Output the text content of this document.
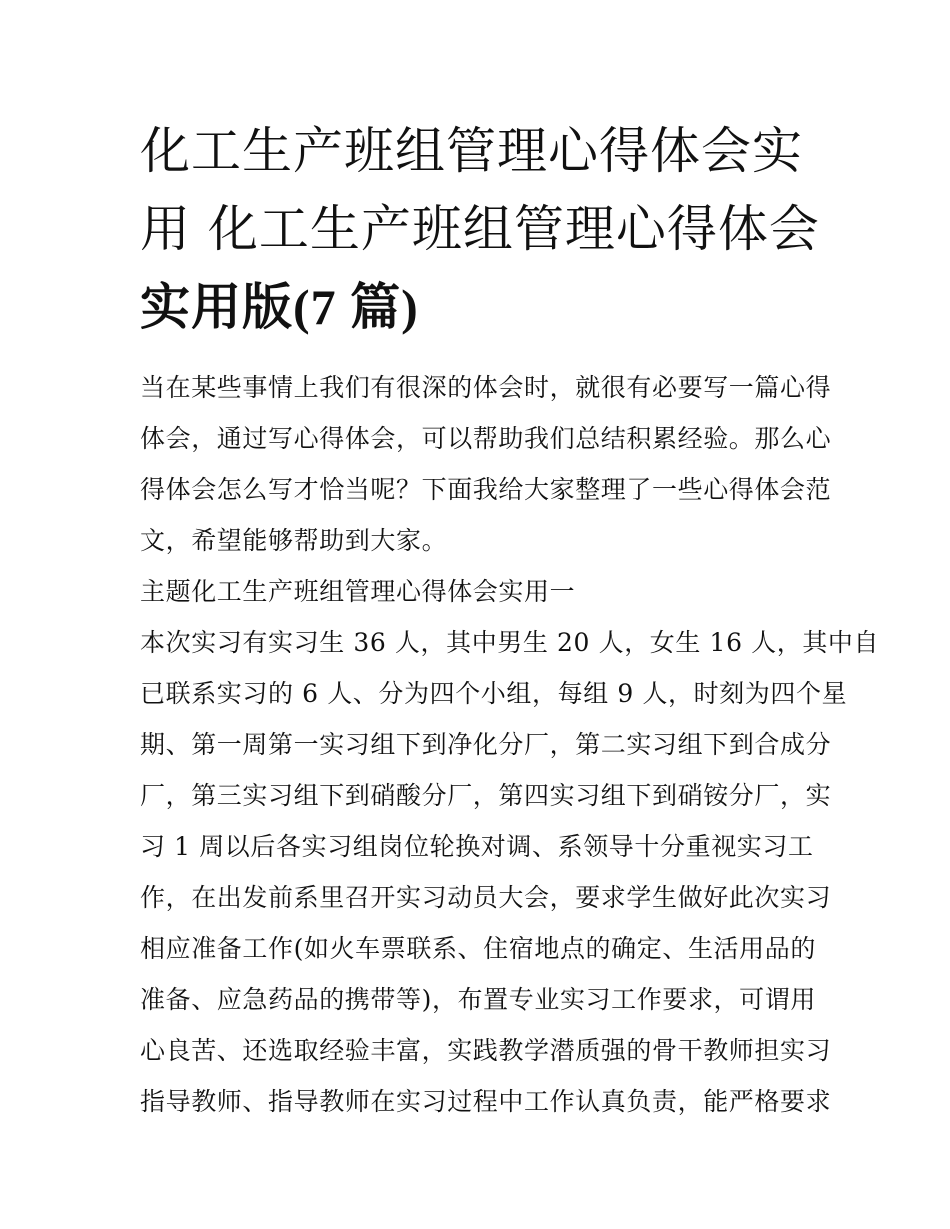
化工生产班组管理心得体会实
用 化工生产班组管理心得体会
实用版(7 篇)
当在某些事情上我们有很深的体会时，就很有必要写一篇心得
体会，通过写心得体会，可以帮助我们总结积累经验。那么心
得体会怎么写才恰当呢？下面我给大家整理了一些心得体会范
文，希望能够帮助到大家。
主题化工生产班组管理心得体会实用一
本次实习有实习生 36 人，其中男生 20 人，女生 16 人，其中自
已联系实习的 6 人、分为四个小组，每组 9 人，时刻为四个星
期、第一周第一实习组下到净化分厂，第二实习组下到合成分
厂，第三实习组下到硝酸分厂，第四实习组下到硝铵分厂，实
习 1 周以后各实习组岗位轮换对调、系领导十分重视实习工
作，在出发前系里召开实习动员大会，要求学生做好此次实习
相应准备工作(如火车票联系、住宿地点的确定、生活用品的
准备、应急药品的携带等)，布置专业实习工作要求，可谓用
心良苦、还选取经验丰富，实践教学潜质强的骨干教师担实习
指导教师、指导教师在实习过程中工作认真负责，能严格要求
